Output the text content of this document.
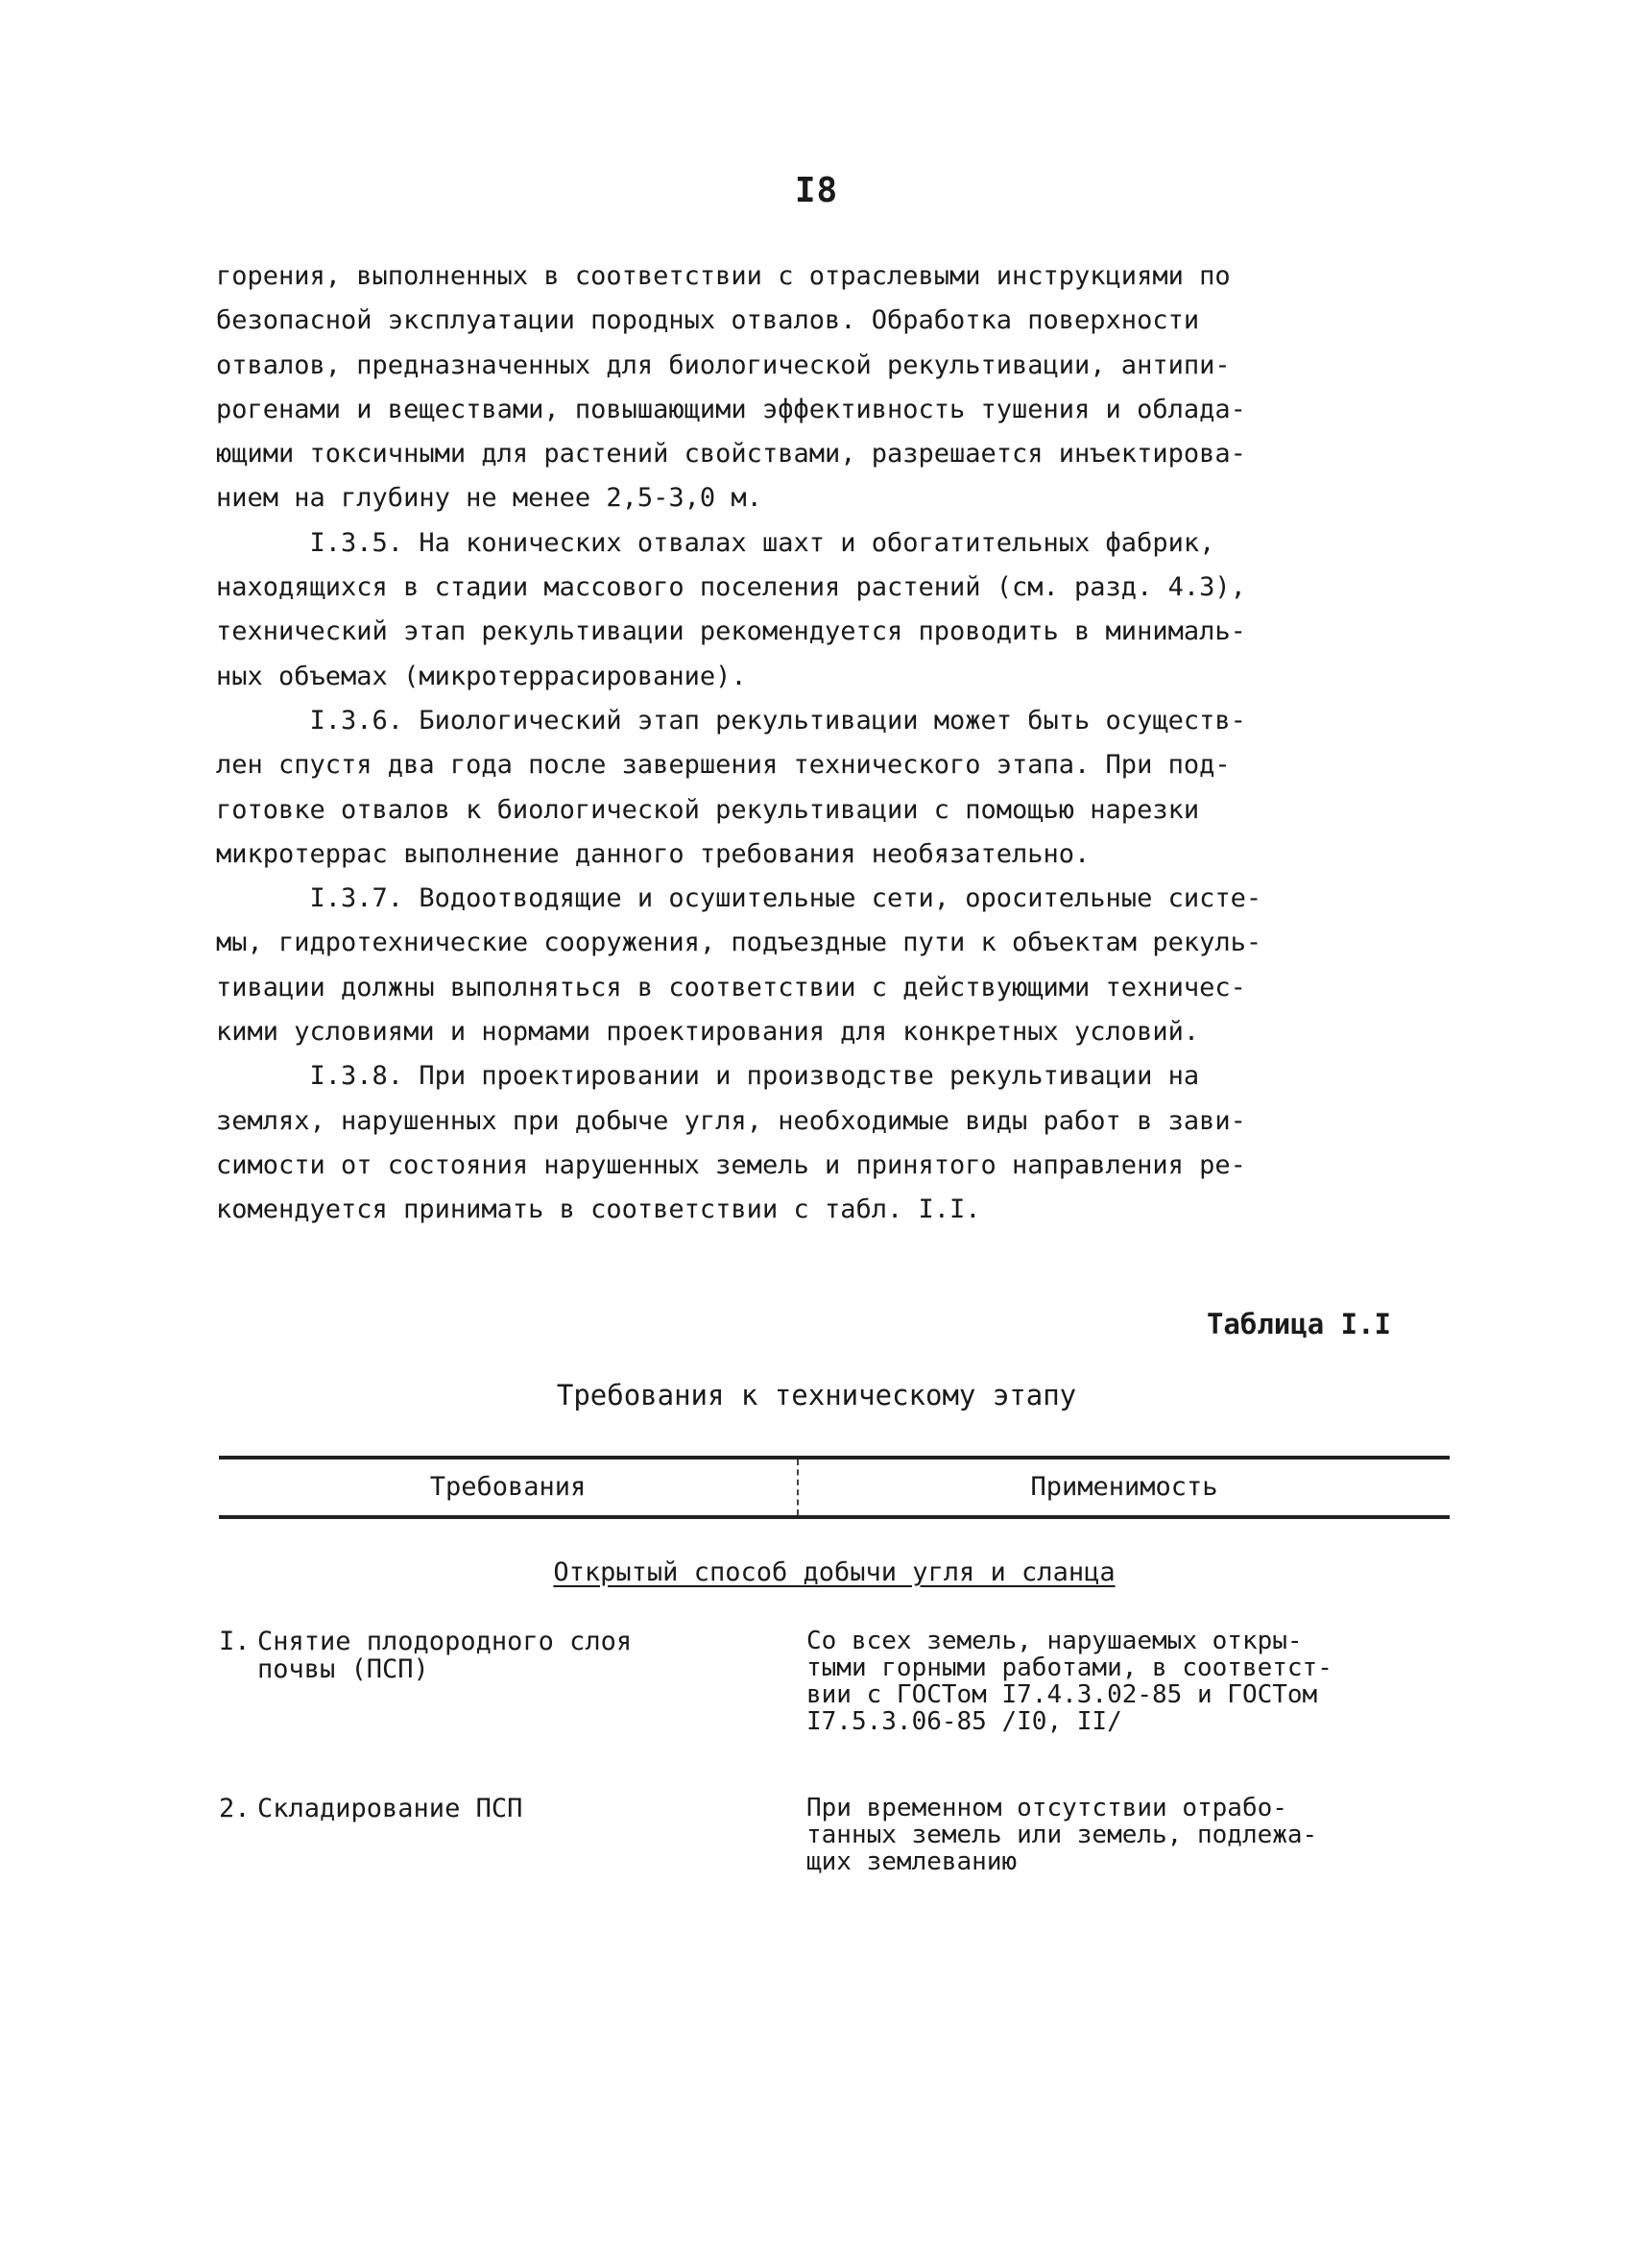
I8
горения, выполненных в соответствии с отраслевыми инструкциями по
безопасной эксплуатации породных отвалов. Обработка поверхности
отвалов, предназначенных для биологической рекультивации, антипи-
рогенами и веществами, повышающими эффективность тушения и облада-
ющими токсичными для растений свойствами, разрешается инъектирова-
нием на глубину не менее 2,5-3,0 м.
I.3.5. На конических отвалах шахт и обогатительных фабрик,
находящихся в стадии массового поселения растений (см. разд. 4.3),
технический этап рекультивации рекомендуется проводить в минималь-
ных объемах (микротеррасирование).
I.3.6. Биологический этап рекультивации может быть осуществ-
лен спустя два года после завершения технического этапа. При под-
готовке отвалов к биологической рекультивации с помощью нарезки
микротеррас выполнение данного требования необязательно.
I.3.7. Водоотводящие и осушительные сети, оросительные систе-
мы, гидротехнические сооружения, подъездные пути к объектам рекуль-
тивации должны выполняться в соответствии с действующими техничес-
кими условиями и нормами проектирования для конкретных условий.
I.3.8. При проектировании и производстве рекультивации на
землях, нарушенных при добыче угля, необходимые виды работ в зави-
симости от состояния нарушенных земель и принятого направления ре-
комендуется принимать в соответствии с табл. I.I.
Таблица I.I
Требования к техническому этапу
Требования	Применимость
Открытый способ добычи угля и сланца
I. Снятие плодородного слоя
почвы (ПСП)
Со всех земель, нарушаемых откры-
тыми горными работами, в соответст-
вии с ГОСТом I7.4.3.02-85 и ГОСТом
I7.5.3.06-85 /I0, II/
2. Складирование ПСП	При временном отсутствии отрабо-
танных земель или земель, подлежа-
щих землеванию
